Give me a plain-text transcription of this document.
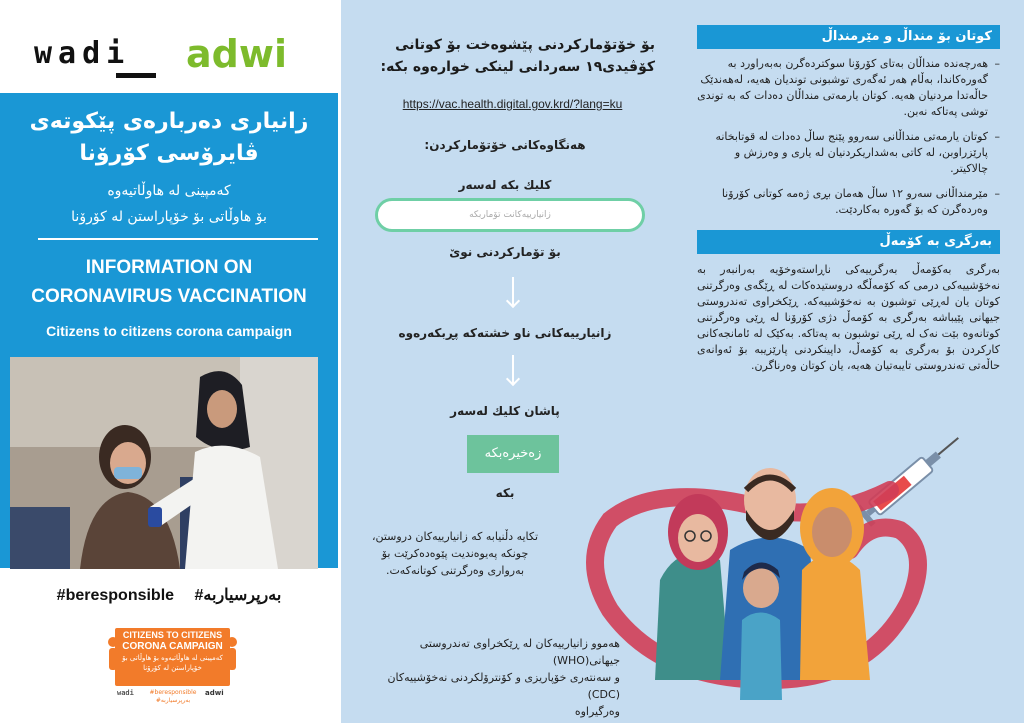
wadi adwi
زانیاری دەربارەی پێکوتەی ڤایرۆسی کۆرۆنا
کەمپینی لە هاوڵاتیەوە
بۆ هاوڵاتی بۆ خۆپاراستن لە کۆرۆنا
INFORMATION ON
CORONAVIRUS VACCINATION
Citizens to citizens corona campaign
#beresponsible #بەرپرسیاربە
CITIZENS TO CITIZENS
CORONA CAMPAIGN
کەمپینی لە هاوڵاتیەوە بۆ هاوڵاتی بۆ
خۆپاراستن لە کۆرۆنا
wadi	#beresponsible
#بەرپرسیاربە
adwi
بۆ خۆتۆمارکردنی پێشوەخت بۆ کوتانی
کۆڤیدی١٩ سەردانی لینکی خوارەوە بکە:
https://vac.health.digital.gov.krd/?lang=ku
هەنگاوەکانی خۆتۆمارکردن:
کلیك بکە لەسەر
زانیارییەکانت تۆماربکە
بۆ تۆمارکردنی نوێ
زانیارییەکانی ناو خشتەکە پڕبکەرەوە
پاشان کلیك لەسەر
زەخیرەبکە
بکە
تکایە دڵنیابە کە زانیارییەکان دروستن،
چونکە پەیوەندیت پێوەدەکرێت بۆ
بەرواری وەرگرتنی کوتانەکەت.
هەموو زانیارییەکان لە ڕێکخراوی تەندروستی جیهانی(WHO)
و سەنتەری خۆپاریزی و کۆنترۆلکردنی نەخۆشییەکان (CDC)
وەرگیراوە
کوتان بۆ منداڵ و مێرمنداڵ
–
هەرچەندە منداڵان بەتای کۆرۆنا سوکتردەگرن بەبەراورد بە گەورەکاندا، بەڵام هەر ئەگەری توشبونی توندیان هەیە، لەهەندێک حاڵەتدا مردنیان هەیە. کوتان یارمەتی منداڵان دەدات کە بە توندی توشی پەتاکە نەبن.
–
کوتان یارمەتی منداڵانی سەروو پێنج ساڵ دەدات لە قوتابخانە پارێزراوبن، لە کاتی بەشداریکردنیان لە یاری و وەرزش و چالاکیتر.
–
مێرمنداڵانی سەرو ١٢ ساڵ هەمان بڕی ژەمە کوتانی کۆرۆنا وەردەگرن کە بۆ گەورە بەکاردێت.
بەرگری بە کۆمەڵ
بەرگری بەکۆمەڵ بەرگرییەکی ناڕاستەوخۆیە بەرانبەر بە نەخۆشییەکی درمی کە کۆمەڵگە دروستیدەکات لە ڕێگەی وەرگرتنی کوتان یان لەڕێی توشبون بە نەخۆشییەکە. ڕێکخراوی تەندروستی جیهانی پێیباشە بەرگری بە کۆمەڵ دژی کۆرۆنا لە ڕێی وەرگرتنی کوتانەوە بێت نەک لە ڕێی توشبون بە پەتاکە. بەکێک لە ئامانجەکانی کارکردن بۆ بەرگری بە کۆمەڵ، داپینکردنی پارێزیبە بۆ ئەوانەی حاڵەتی تەندروستی تایبەتیان هەیە، یان کوتان وەرناگرن.
